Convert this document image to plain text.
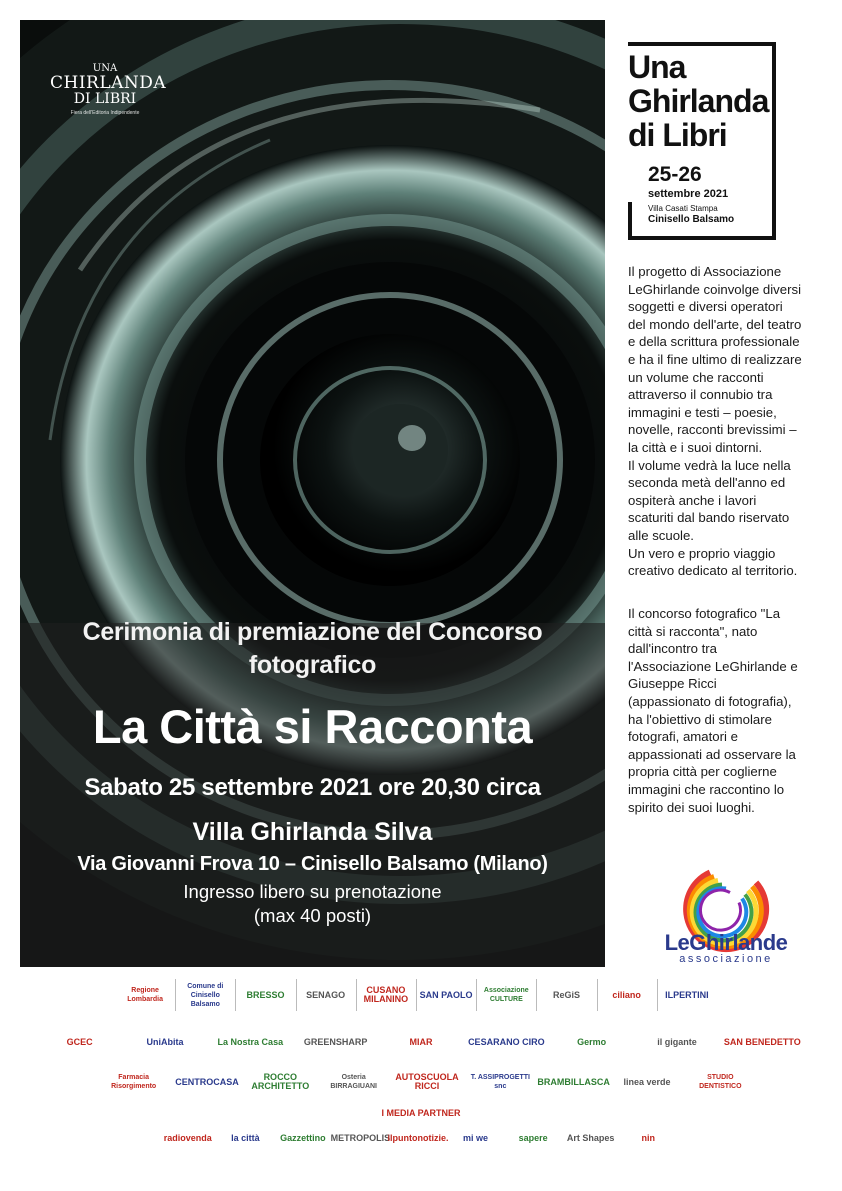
UNA
CHIRLANDA
DI LIBRI
Fiera dell'Editoria Indipendente
Cerimonia di premiazione del Concorso fotografico
La Città si Racconta
Sabato 25 settembre 2021 ore 20,30 circa
Villa Ghirlanda Silva
Via Giovanni Frova 10 – Cinisello Balsamo (Milano)
Ingresso libero su prenotazione
(max 40 posti)
Una
Ghirlanda
di Libri
25-26
settembre 2021
Villa Casati Stampa
Cinisello Balsamo
Il progetto di Associazione
LeGhirlande coinvolge diversi
soggetti e diversi operatori
del mondo dell'arte, del teatro
e della scrittura professionale
e ha il fine ultimo di realizzare
un volume che racconti
attraverso il connubio tra
immagini e testi – poesie,
novelle, racconti brevissimi –
la città e i suoi dintorni.
Il volume vedrà la luce nella
seconda metà dell'anno ed
ospiterà anche i lavori
scaturiti dal bando riservato
alle scuole.
Un vero e proprio viaggio
creativo dedicato al territorio.
Il concorso fotografico "La
città si racconta", nato
dall'incontro tra
l'Associazione LeGhirlande e
Giuseppe Ricci
(appassionato di fotografia),
ha l'obiettivo di stimolare
fotografi, amatori e
appassionati ad osservare la
propria città per coglierne
immagini che raccontino lo
spirito dei suoi luoghi.
LeGhirlande
associazione
Regione Lombardia
Comune di Cinisello Balsamo
BRESSO	SENAGO	CUSANO MILANINO	SAN PAOLO	Associazione CULTURE	ReGiS	ciliano	ILPERTINI
GCEC	UniAbita	La Nostra Casa	GREENSHARP	MIAR	CESARANO CIRO	Germo	il gigante	SAN BENEDETTO
Farmacia Risorgimento	CENTROCASA	ROCCO ARCHITETTO
Osteria BIRRAGIUANI
AUTOSCUOLA RICCI
T. ASSIPROGETTI snc	BRAMBILLASCA	linea verde	STUDIO DENTISTICO
I MEDIA PARTNER
radiovenda	la città	Gazzettino METROPOLIS
ilpuntonotizie.	mi we	sapere	Art Shapes	nin
